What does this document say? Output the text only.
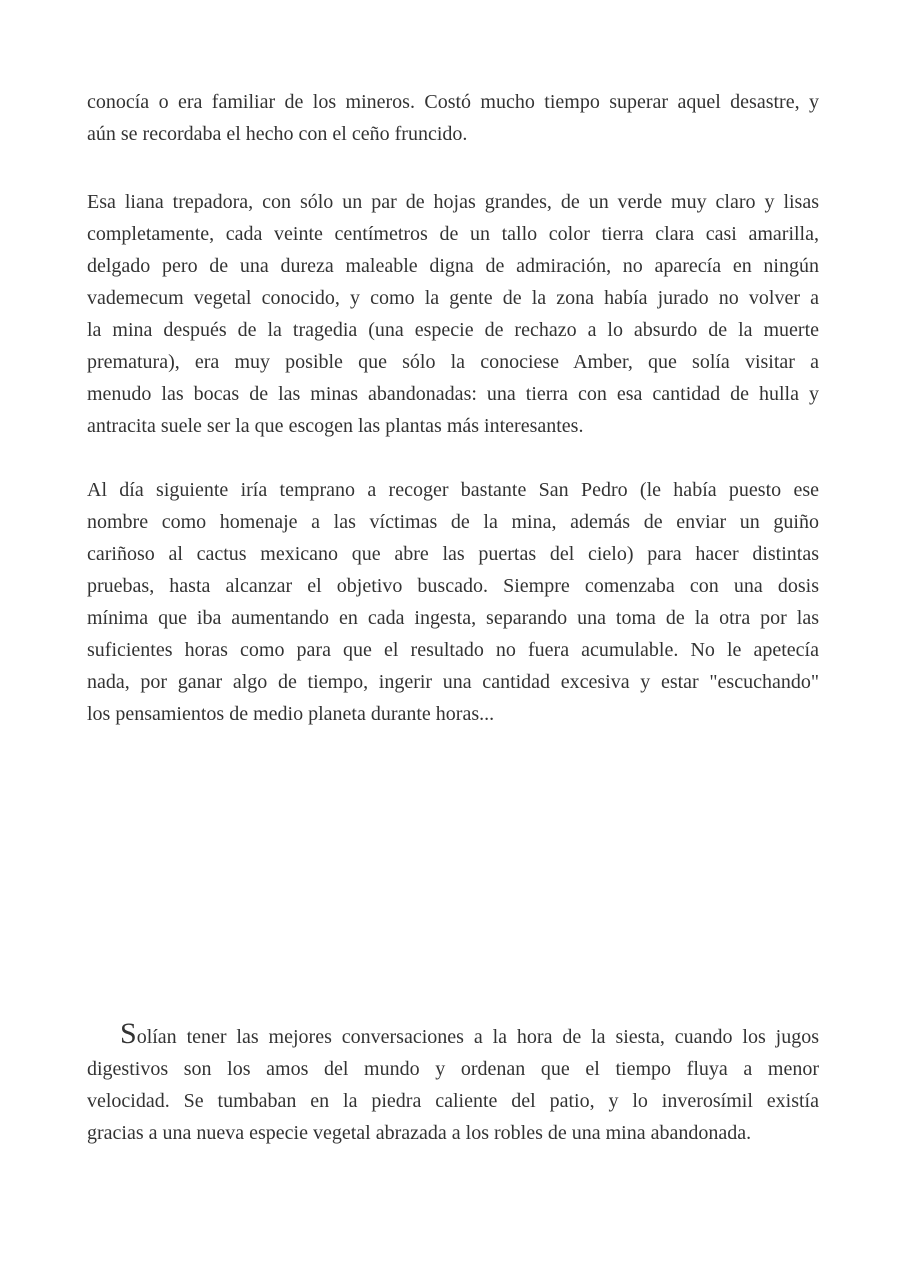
conocía o era familiar de los mineros. Costó mucho tiempo superar aquel desastre, y
aún se recordaba el hecho con el ceño fruncido.
Esa liana trepadora, con sólo un par de hojas grandes, de un verde muy claro y lisas
completamente, cada veinte centímetros de un tallo color tierra clara casi amarilla,
delgado pero de una dureza maleable digna de admiración, no aparecía en ningún
vademecum vegetal conocido, y como la gente de la zona había jurado no volver a
la mina después de la tragedia (una especie de rechazo a lo absurdo de la muerte
prematura), era muy posible que sólo la conociese Amber, que solía visitar a
menudo las bocas de las minas abandonadas: una tierra con esa cantidad de hulla y
antracita suele ser la que escogen las plantas más interesantes.
Al día siguiente iría temprano a recoger bastante San Pedro (le había puesto ese
nombre como homenaje a las víctimas de la mina, además de enviar un guiño
cariñoso al cactus mexicano que abre las puertas del cielo) para hacer distintas
pruebas, hasta alcanzar el objetivo buscado. Siempre comenzaba con una dosis
mínima que iba aumentando en cada ingesta, separando una toma de la otra por las
suficientes horas como para que el resultado no fuera acumulable. No le apetecía
nada, por ganar algo de tiempo, ingerir una cantidad excesiva y estar "escuchando"
los pensamientos de medio planeta durante horas...
Solían tener las mejores conversaciones a la hora de la siesta, cuando los jugos
digestivos son los amos del mundo y ordenan que el tiempo fluya a menor
velocidad. Se tumbaban en la piedra caliente del patio, y lo inverosímil existía
gracias a una nueva especie vegetal abrazada a los robles de una mina abandonada.
